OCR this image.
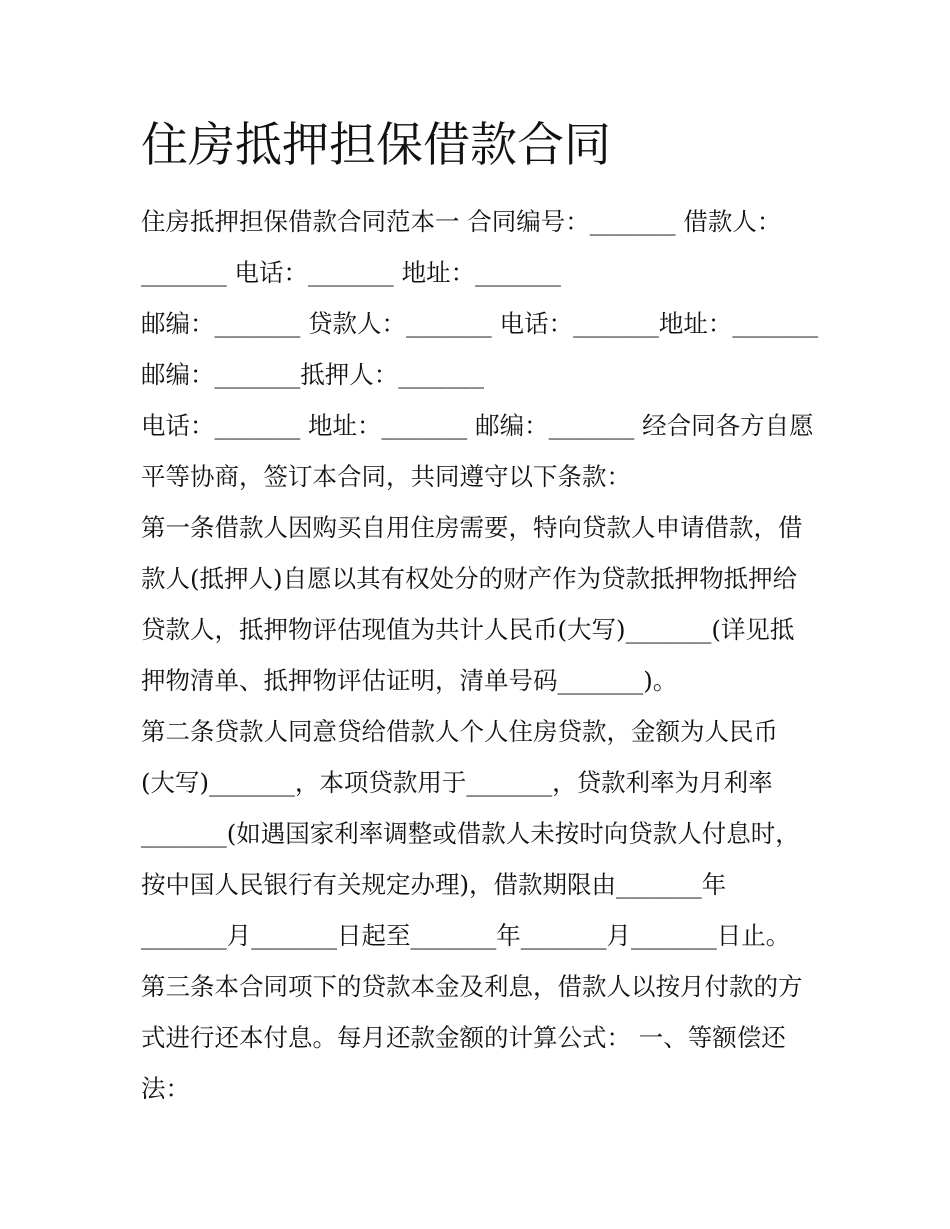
住房抵押担保借款合同
住房抵押担保借款合同范本一 合同编号：_______ 借款人：
_______ 电话：_______ 地址：_______
邮编：_______ 贷款人：_______ 电话：_______地址：_______
邮编：_______抵押人：_______
电话：_______ 地址：_______ 邮编：_______ 经合同各方自愿
平等协商，签订本合同，共同遵守以下条款：
第一条借款人因购买自用住房需要，特向贷款人申请借款，借
款人(抵押人)自愿以其有权处分的财产作为贷款抵押物抵押给
贷款人，抵押物评估现值为共计人民币(大写)_______(详见抵
押物清单、抵押物评估证明，清单号码_______)。
第二条贷款人同意贷给借款人个人住房贷款，金额为人民币
(大写)_______，本项贷款用于_______，贷款利率为月利率
_______(如遇国家利率调整或借款人未按时向贷款人付息时，
按中国人民银行有关规定办理)，借款期限由_______年
_______月_______日起至_______年_______月_______日止。
第三条本合同项下的贷款本金及利息，借款人以按月付款的方
式进行还本付息。每月还款金额的计算公式： 一、等额偿还
法：
